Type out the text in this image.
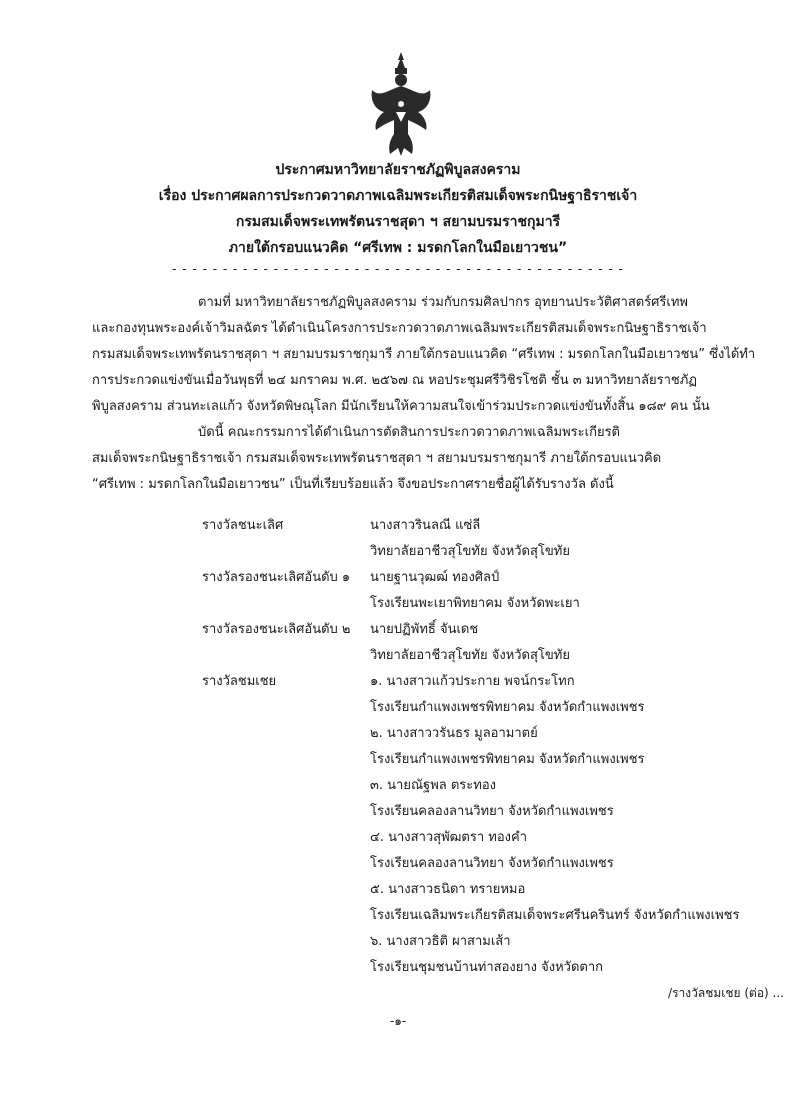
ประกาศมหาวิทยาลัยราชภัฏพิบูลสงคราม
เรื่อง ประกาศผลการประกวดวาดภาพเฉลิมพระเกียรติสมเด็จพระกนิษฐาธิราชเจ้า
กรมสมเด็จพระเทพรัตนราชสุดา ฯ สยามบรมราชกุมารี
ภายใต้กรอบแนวคิด “ศรีเทพ : มรดกโลกในมือเยาวชน”
- - - - - - - - - - - - - - - - - - - - - - - - - - - - - - - - - - - - - - - - - - - - -
ตามที่ มหาวิทยาลัยราชภัฏพิบูลสงคราม ร่วมกับกรมศิลปากร อุทยานประวัติศาสตร์ศรีเทพ
และกองทุนพระองค์เจ้าวิมลฉัตร ได้ดำเนินโครงการประกวดวาดภาพเฉลิมพระเกียรติสมเด็จพระกนิษฐาธิราชเจ้า
กรมสมเด็จพระเทพรัตนราชสุดา ฯ สยามบรมราชกุมารี ภายใต้กรอบแนวคิด “ศรีเทพ : มรดกโลกในมือเยาวชน” ซึ่งได้ทำ
การประกวดแข่งขันเมื่อวันพุธที่ ๒๔ มกราคม พ.ศ. ๒๕๖๗ ณ หอประชุมศรีวิชิรโชติ ชั้น ๓ มหาวิทยาลัยราชภัฏ
พิบูลสงคราม ส่วนทะเลแก้ว จังหวัดพิษณุโลก มีนักเรียนให้ความสนใจเข้าร่วมประกวดแข่งขันทั้งสิ้น ๑๘๙ คน นั้น
บัดนี้ คณะกรรมการได้ดำเนินการตัดสินการประกวดวาดภาพเฉลิมพระเกียรติ
สมเด็จพระกนิษฐาธิราชเจ้า กรมสมเด็จพระเทพรัตนราชสุดา ฯ สยามบรมราชกุมารี ภายใต้กรอบแนวคิด
“ศรีเทพ : มรดกโลกในมือเยาวชน” เป็นที่เรียบร้อยแล้ว จึงขอประกาศรายชื่อผู้ได้รับรางวัล ดังนี้
รางวัลชนะเลิศ	นางสาวรินลณี แซ่ลี
วิทยาลัยอาชีวสุโขทัย จังหวัดสุโขทัย
รางวัลรองชนะเลิศอันดับ ๑ นายฐานวุฒฒ์ ทองศิลป์
โรงเรียนพะเยาพิทยาคม จังหวัดพะเยา
รางวัลรองชนะเลิศอันดับ ๒ นายปฏิพัทธิ์ จันเดช
วิทยาลัยอาชีวสุโขทัย จังหวัดสุโขทัย
รางวัลชมเชย	๑. นางสาวแก้วประกาย พจน์กระโทก
โรงเรียนกำแพงเพชรพิทยาคม จังหวัดกำแพงเพชร
๒. นางสาววรันธร มูลอามาตย์
โรงเรียนกำแพงเพชรพิทยาคม จังหวัดกำแพงเพชร
๓. นายณัฐพล ตระทอง
โรงเรียนคลองลานวิทยา จังหวัดกำแพงเพชร
๔. นางสาวสุพัฒตรา ทองคำ
โรงเรียนคลองลานวิทยา จังหวัดกำแพงเพชร
๕. นางสาวธนิดา ทรายหมอ
โรงเรียนเฉลิมพระเกียรติสมเด็จพระศรีนครินทร์ จังหวัดกำแพงเพชร
๖. นางสาวธิติ ผาสามเส้า
โรงเรียนชุมชนบ้านท่าสองยาง จังหวัดตาก
/รางวัลชมเชย (ต่อ) ...
-๑-
